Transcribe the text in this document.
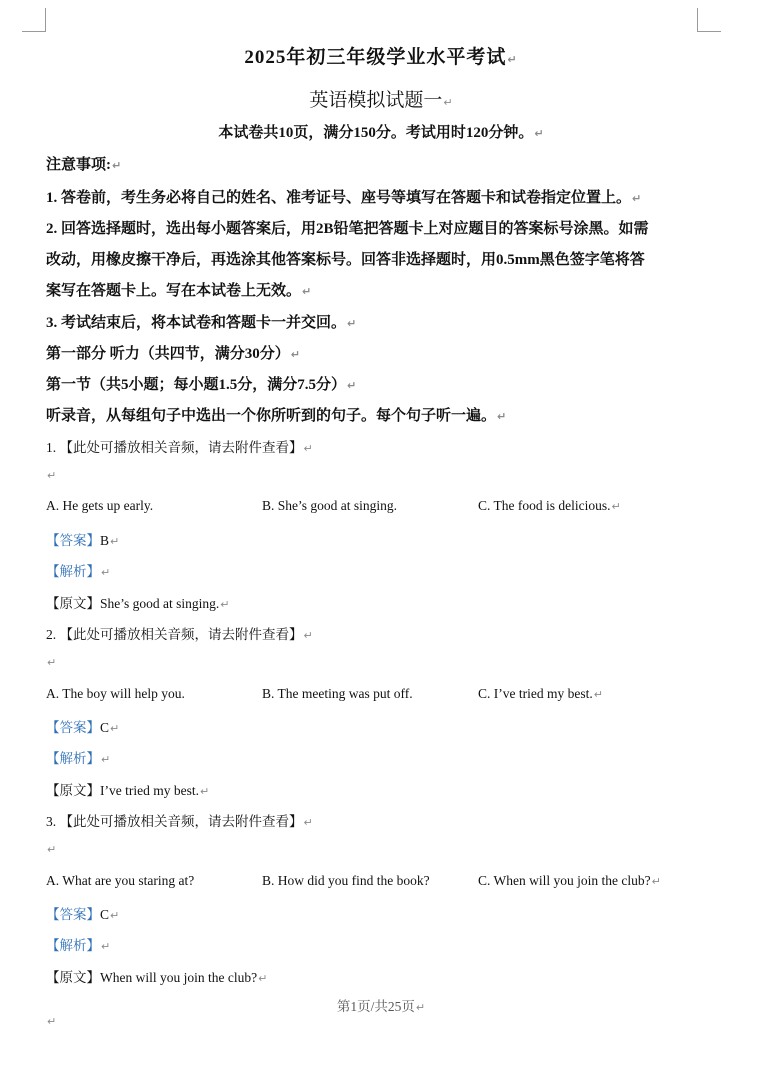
2025年初三年级学业水平考试↵
英语模拟试题一↵
本试卷共10页，满分150分。考试用时120分钟。↵
注意事项:↵
1. 答卷前，考生务必将自己的姓名、准考证号、座号等填写在答题卡和试卷指定位置上。↵
2. 回答选择题时，选出每小题答案后，用2B铅笔把答题卡上对应题目的答案标号涂黑。如需
改动，用橡皮擦干净后，再选涂其他答案标号。回答非选择题时，用0.5mm黑色签字笔将答
案写在答题卡上。写在本试卷上无效。↵
3. 考试结束后，将本试卷和答题卡一并交回。↵
第一部分 听力（共四节，满分30分）↵
第一节（共5小题；每小题1.5分，满分7.5分）↵
听录音，从每组句子中选出一个你所听到的句子。每个句子听一遍。↵
1. 【此处可播放相关音频，请去附件查看】↵
↵
A. He gets up early.	B. She’s good at singing.	C. The food is delicious.↵
【答案】B↵
【解析】↵
【原文】She’s good at singing.↵
2. 【此处可播放相关音频，请去附件查看】↵
↵
A. The boy will help you.	B. The meeting was put off.	C. I’ve tried my best.↵
【答案】C↵
【解析】↵
【原文】I’ve tried my best.↵
3. 【此处可播放相关音频，请去附件查看】↵
↵
A. What are you staring at?	B. How did you find the book?	C. When will you join the club?↵
【答案】C↵
【解析】↵
【原文】When will you join the club?↵
第1页/共25页↵
↵
